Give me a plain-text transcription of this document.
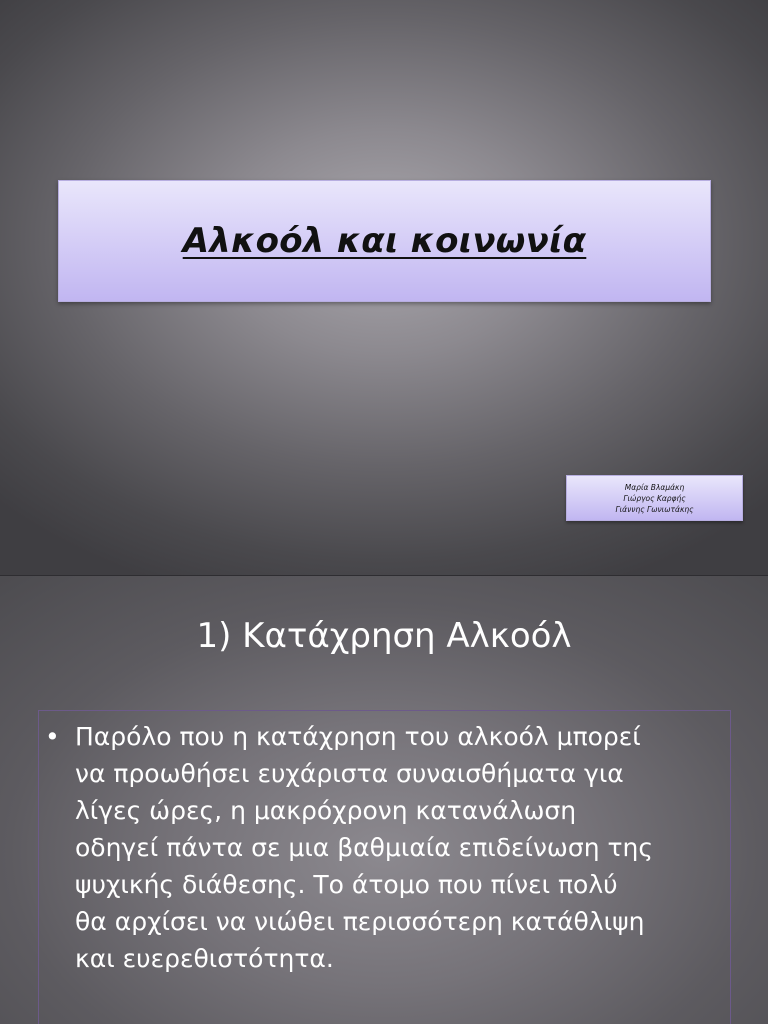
Αλκοόλ και κοινωνία
Μαρία Βλαμάκη
Γιώργος Καρφής
Γιάννης Γωνιωτάκης
1) Κατάχρηση Αλκοόλ
• Παρόλο που η κατάχρηση του αλκοόλ μπορεί
να προωθήσει ευχάριστα συναισθήματα για
λίγες ώρες, η μακρόχρονη κατανάλωση
οδηγεί πάντα σε μια βαθμιαία επιδείνωση της
ψυχικής διάθεσης. Το άτομο που πίνει πολύ
θα αρχίσει να νιώθει περισσότερη κατάθλιψη
και ευερεθιστότητα.
